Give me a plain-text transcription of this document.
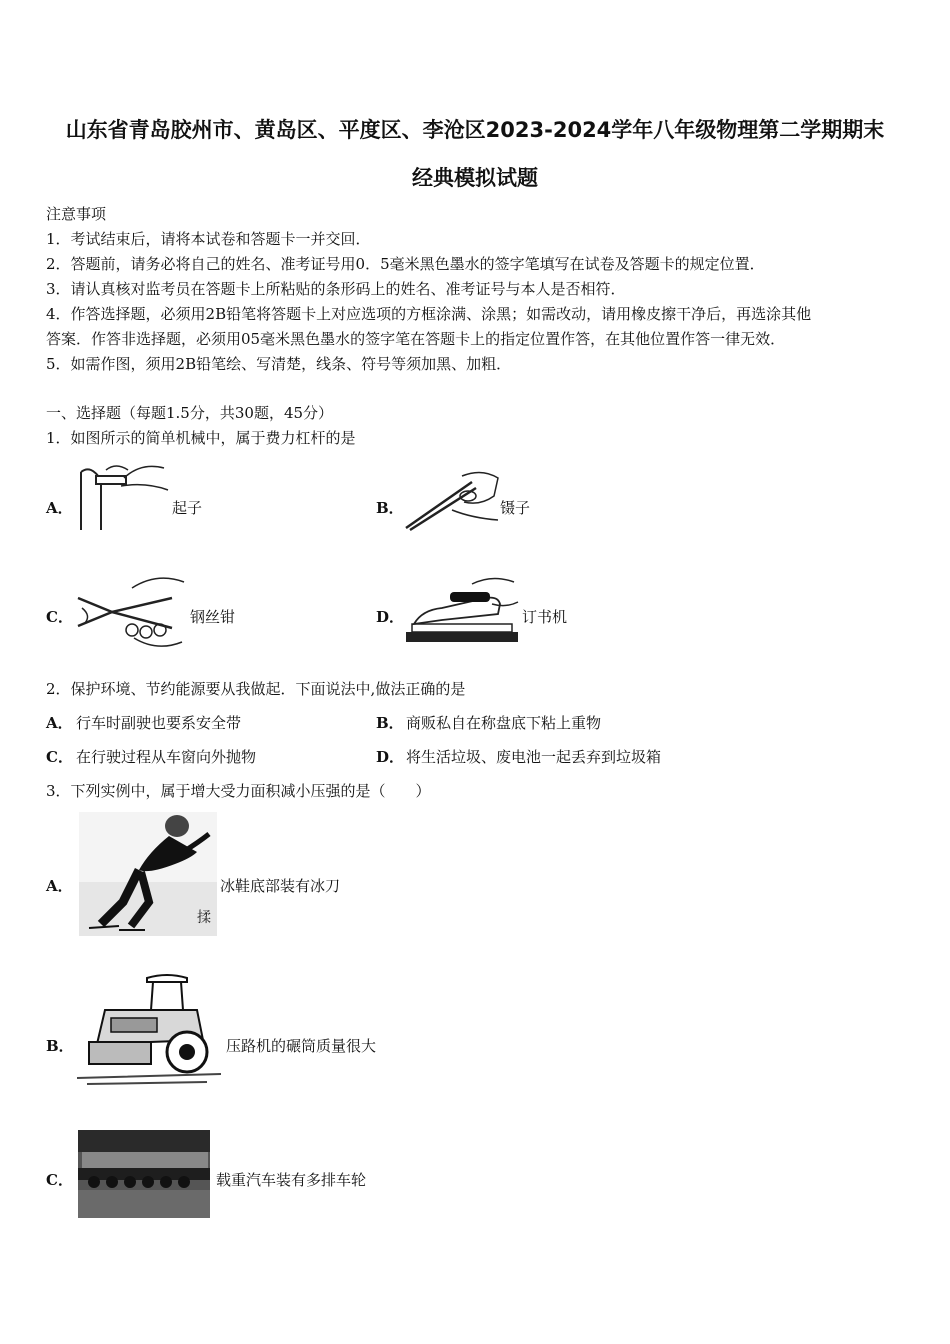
山东省青岛胶州市、黄岛区、平度区、李沧区2023-2024学年八年级物理第二学期期末
经典模拟试题
注意事项
1．考试结束后，请将本试卷和答题卡一并交回．
2．答题前，请务必将自己的姓名、准考证号用0．5毫米黑色墨水的签字笔填写在试卷及答题卡的规定位置．
3．请认真核对监考员在答题卡上所粘贴的条形码上的姓名、准考证号与本人是否相符．
4．作答选择题，必须用2B铅笔将答题卡上对应选项的方框涂满、涂黑；如需改动，请用橡皮擦干净后，再选涂其他
答案．作答非选择题，必须用05毫米黑色墨水的签字笔在答题卡上的指定位置作答，在其他位置作答一律无效．
5．如需作图，须用2B铅笔绘、写清楚，线条、符号等须加黑、加粗．
一、选择题（每题1.5分，共30题，45分）
1．如图所示的简单机械中，属于费力杠杆的是
A．	起子	B．	镊子
C．	钢丝钳	D．	订书机
2．保护环境、节约能源要从我做起．下面说法中,做法正确的是
A． 行车时副驶也要系安全带	B． 商贩私自在称盘底下粘上重物
C． 在行驶过程从车窗向外抛物	D． 将生活垃圾、废电池一起丢弃到垃圾箱
3．下列实例中，属于增大受力面积减小压强的是（　　）
A．
揉
冰鞋底部装有冰刀
B．	压路机的碾筒质量很大
C．	载重汽车装有多排车轮
